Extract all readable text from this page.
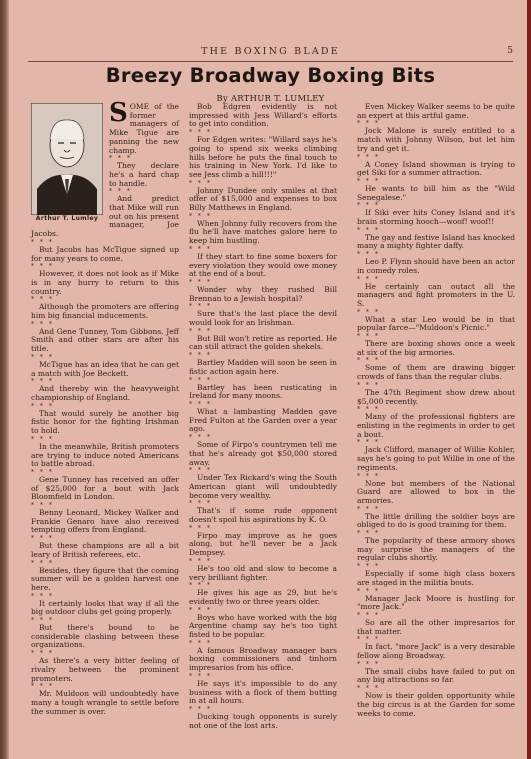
THE BOXING BLADE	5
Breezy Broadway Boxing Bits
By ARTHUR T. LUMLEY
Arthur T. Lumley
S OME of the former managers of Mike Tigue are panning the new champ.

* * *

They declare he's a hard chap to handle.

* * *

And predict that Mike will run out on his present manager, Joe Jacobs.

* * *

But Jacobs has McTigue signed up for many years to come.

* * *

However, it does not look as if Mike is in any hurry to return to this country.

* * *

Although the promoters are offering him big financial inducements.

* * *

And Gene Tunney, Tom Gibbons, Jeff Smith and other stars are after his title.

* * *

McTigue has an idea that he can get a match with Joe Beckett.

* * *

And thereby win the heavyweight championship of England.

* * *

That would surely be another big fistic honor for the fighting Irishman to hold.

* * *

In the meanwhile, British promoters are trying to induce noted Americans to battle abroad.

* * *

Gene Tunney has received an offer of $25,000 for a bout with Jack Bloomfield in London.

* * *

Benny Leonard, Mickey Walker and Frankie Genaro have also received tempting offers from England.

* * *

But these champions are all a bit leary of British referees, etc.

* * *

Besides, they figure that the coming summer will be a golden harvest one here.

* * *

It certainly looks that way if all the big outdoor clubs get going properly.

* * *

But there's bound to be considerable clashing between these organizations.

* * *

As there's a very bitter feeling of rivalry between the prominent promoters.

* * *

Mr. Muldoon will undoubtedly have many a tough wrangle to settle before the summer is over.

Bob Edgren evidently is not impressed with Jess Willard's efforts to get into condition.

* * *

For Edgen writes: "Willard says he's going to spend six weeks climbing hills before he puts the final touch to his training in New York. I'd like to see Jess climb a hill!!!"

* * *

Johnny Dundee only smiles at that offer of $15,000 and expenses to box Billy Matthews in England.

* * *

When Johnny fully recovers from the flu he'll have matches galore here to keep him hustling.

* * *

If they start to fine some boxers for every violation they would owe money at the end of a bout.

* * *

Wonder why they rushed Bill Brennan to a Jewish hospital?

* * *

Sure that's the last place the devil would look for an Irishman.

* * *

But Bill won't retire as reported. He can still attract the golden shekels.

* * *

Bartley Madden will soon be seen in fistic action again here.

* * *

Bartley has been rusticating in Ireland for many moons.

* * *

What a lambasting Madden gave Fred Fulton at the Garden over a year ago.

* * *

Some of Firpo's countrymen tell me that he's already got $50,000 stored away.

* * *

Under Tex Rickard's wing the South American giant will undoubtedly become very wealthy.

* * *

That's if some rude opponent doesn't spoil his aspirations by K. O.

* * *

Firpo may improve as he goes along, but he'll never be a Jack Dempsey.

* * *

He's too old and slow to become a very brilliant fighter.

* * *

He gives his age as 29, but he's evidently two or three years older.

* * *

Boys who have worked with the big Argentine champ say he's too tight fisted to be popular.

* * *

A famous Broadway manager bars boxing commissioners and tinhorn impresarios from his office.

* * *

He says it's impossible to do any business with a flock of them butting in at all hours.

* * *

Ducking tough opponents is surely not one of the lost arts.

Even Mickey Walker seems to be quite an expert at this artful game.

* * *

Jock Malone is surely entitled to a match with Johnny Wilson, but let him try and get it.

* * *

A Coney Island showman is trying to get Siki for a summer attraction.

* * *

He wants to bill him as the "Wild Senegalese."

* * *

If Siki ever hits Coney Island and it's brain storming hooch—woof! woof!!

* * *

The gay and festive Island has knocked many a mighty fighter daffy.

* * *

Leo P. Flynn should have been an actor in comedy roles.

* * *

He certainly can outact all the managers and fight promoters in the U. S.

* * *

What a star Leo would be in that popular farce—"Muldoon's Picnic."

* * *

There are boxing shows once a week at six of the big armories.

* * *

Some of them are drawing bigger crowds of fans than the regular clubs.

* * *

The 47th Regiment show drew about $5,000 recently.

* * *

Many of the professional fighters are enlisting in the regiments in order to get a bout.

* * *

Jack Clifford, manager of Willie Kohler, says he's going to put Willie in one of the regiments.

* * *

None but members of the National Guard are allowed to box in the armories.

* * *

The little drilling the soldier boys are obliged to do is good training for them.

* * *

The popularity of these armory shows may surprise the managers of the regular clubs shortly.

* * *

Especially if some high class boxers are staged in the militia bouts.

* * *

Manager Jack Moore is hustling for "more Jack."

* * *

So are all the other impresarios for that matter.

* * *

In fact, "more Jack" is a very desirable fellow along Broadway.

* * *

The small clubs have failed to put on any big attractions so far.

* * *

Now is their golden opportunity while the big circus is at the Garden for some weeks to come.
